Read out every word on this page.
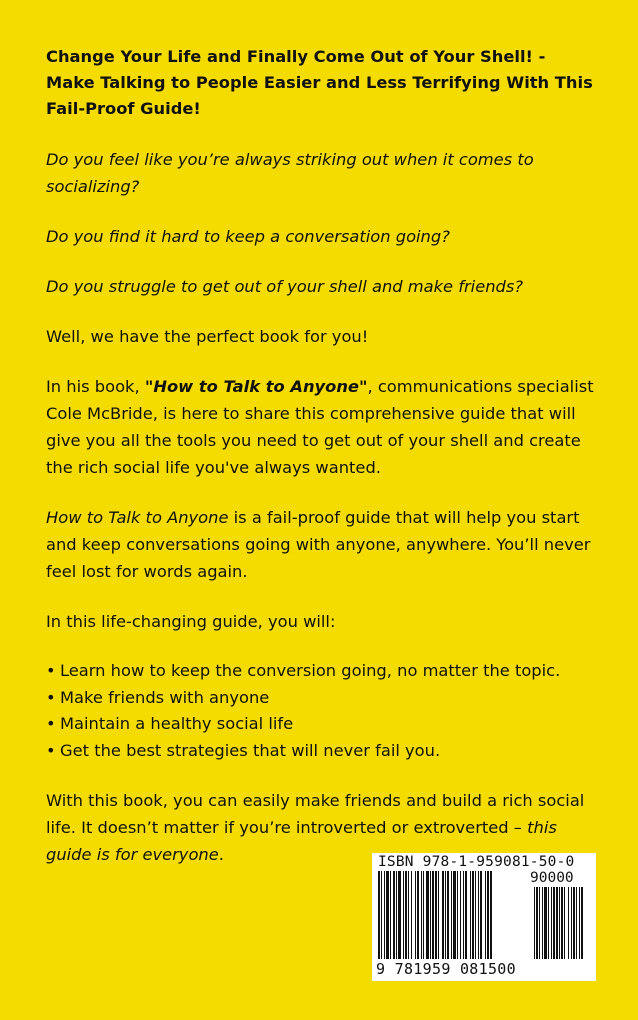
Change Your Life and Finally Come Out of Your Shell! - Make Talking to People Easier and Less Terrifying With This Fail-Proof Guide!

Do you feel like you’re always striking out when it comes to socializing?

Do you find it hard to keep a conversation going?

Do you struggle to get out of your shell and make friends?

Well, we have the perfect book for you!

In his book, "How to Talk to Anyone", communications specialist Cole McBride, is here to share this comprehensive guide that will give you all the tools you need to get out of your shell and create the rich social life you've always wanted.

How to Talk to Anyone is a fail-proof guide that will help you start and keep conversations going with anyone, anywhere. You’ll never feel lost for words again.

In this life-changing guide, you will:

• Learn how to keep the conversion going, no matter the topic.
• Make friends with anyone
• Maintain a healthy social life
• Get the best strategies that will never fail you.

With this book, you can easily make friends and build a rich social life. It doesn’t matter if you’re introverted or extroverted – this guide is for everyone.	ISBN 978-1-959081-50-0
90000
9 781959 081500
